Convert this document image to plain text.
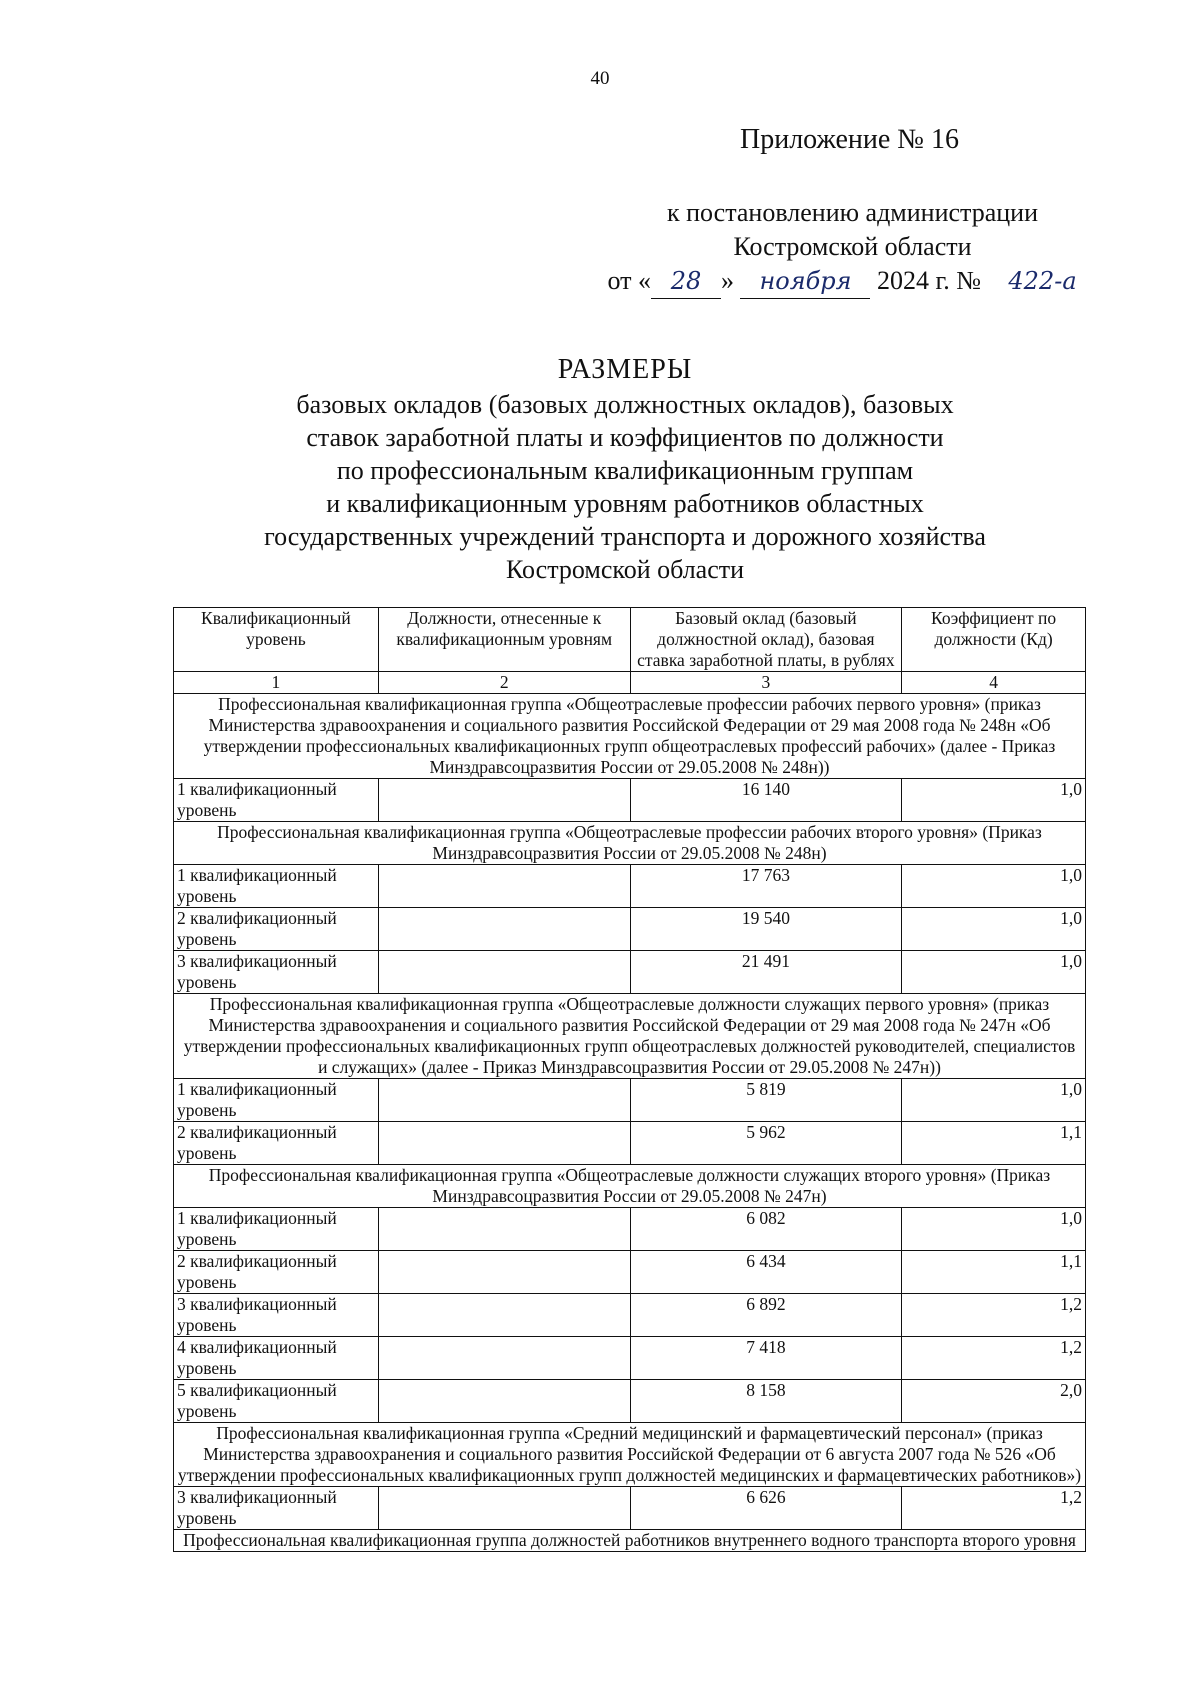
40
Приложение № 16
к постановлению администрации
Костромской области
от « 28 » ноября 2024 г. № 422-а
РАЗМЕРЫ
базовых окладов (базовых должностных окладов), базовых
ставок заработной платы и коэффициентов по должности
по профессиональным квалификационным группам
и квалификационным уровням работников областных
государственных учреждений транспорта и дорожного хозяйства
Костромской области
Квалификационный уровень	Должности, отнесенные к квалификационным уровням	Базовый оклад (базовый должностной оклад), базовая ставка заработной платы, в рублях	Коэффициент по должности (Кд)
1	2	3	4
Профессиональная квалификационная группа «Общеотраслевые профессии рабочих первого уровня» (приказ Министерства здравоохранения и социального развития Российской Федерации от 29 мая 2008 года № 248н «Об утверждении профессиональных квалификационных групп общеотраслевых профессий рабочих» (далее - Приказ Минздравсоцразвития России от 29.05.2008 № 248н))			
1 квалификационный уровень		16 140	1,0
Профессиональная квалификационная группа «Общеотраслевые профессии рабочих второго уровня» (Приказ Минздравсоцразвития России от 29.05.2008 № 248н)			
1 квалификационный уровень		17 763	1,0
2 квалификационный уровень		19 540	1,0
3 квалификационный уровень		21 491	1,0
Профессиональная квалификационная группа «Общеотраслевые должности служащих первого уровня» (приказ Министерства здравоохранения и социального развития Российской Федерации от 29 мая 2008 года № 247н «Об утверждении профессиональных квалификационных групп общеотраслевых должностей руководителей, специалистов и служащих» (далее - Приказ Минздравсоцразвития России от 29.05.2008 № 247н))			
1 квалификационный уровень		5 819	1,0
2 квалификационный уровень		5 962	1,1
Профессиональная квалификационная группа «Общеотраслевые должности служащих второго уровня» (Приказ Минздравсоцразвития России от 29.05.2008 № 247н)			
1 квалификационный уровень		6 082	1,0
2 квалификационный уровень		6 434	1,1
3 квалификационный уровень		6 892	1,2
4 квалификационный уровень		7 418	1,2
5 квалификационный уровень		8 158	2,0
Профессиональная квалификационная группа «Средний медицинский и фармацевтический персонал» (приказ Министерства здравоохранения и социального развития Российской Федерации от 6 августа 2007 года № 526 «Об утверждении профессиональных квалификационных групп должностей медицинских и фармацевтических работников»)			
3 квалификационный уровень		6 626	1,2
Профессиональная квалификационная группа должностей работников внутреннего водного транспорта второго уровня			
